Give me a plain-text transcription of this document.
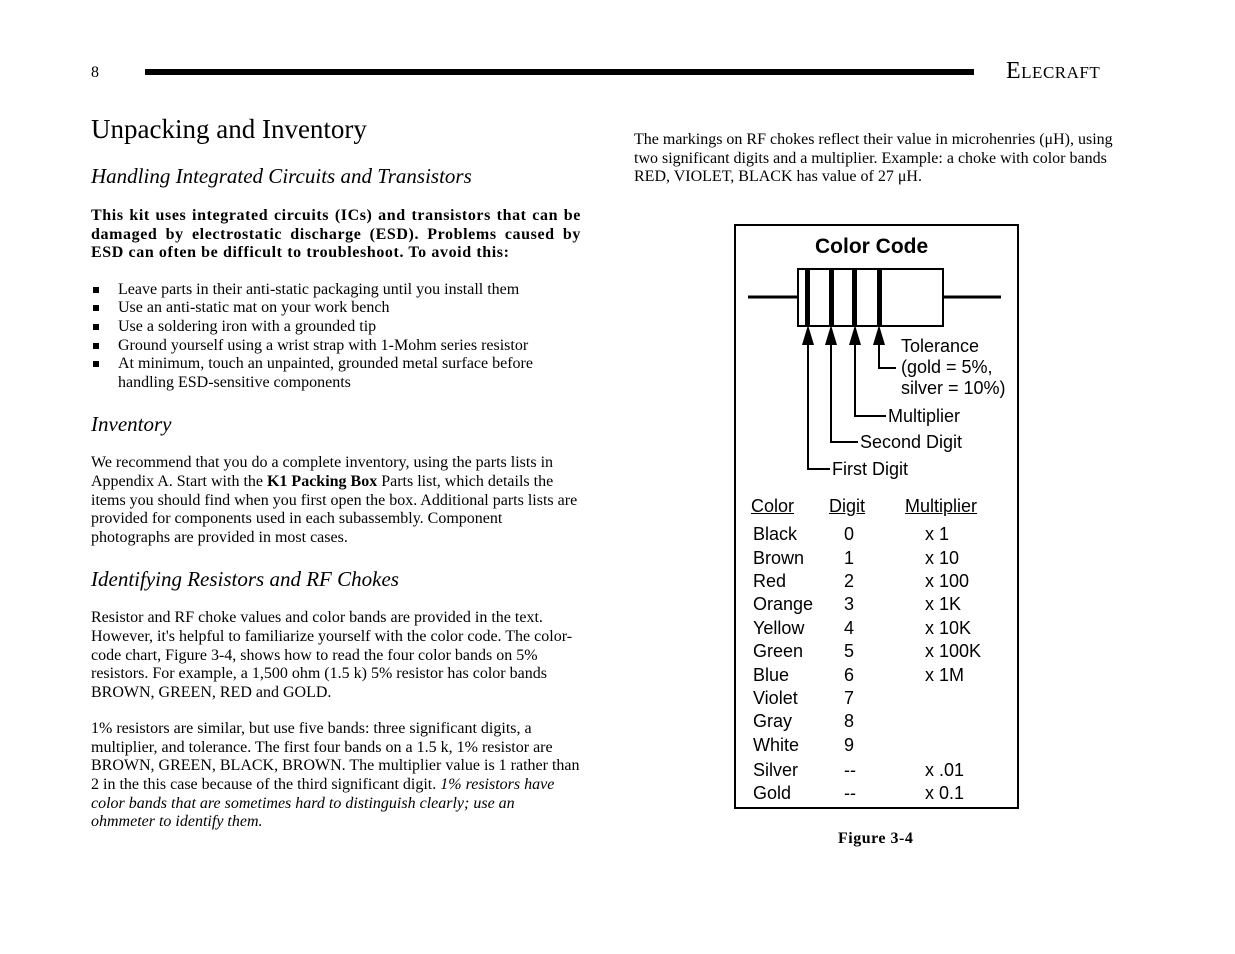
8	ELECRAFT
Unpacking and Inventory
Handling Integrated Circuits and Transistors

This kit uses integrated circuits (ICs) and transistors that can be damaged by electrostatic discharge (ESD). Problems caused by ESD can often be difficult to troubleshoot. To avoid this:

Leave parts in their anti-static packaging until you install them
Use an anti-static mat on your work bench
Use a soldering iron with a grounded tip
Ground yourself using a wrist strap with 1-Mohm series resistor
At minimum, touch an unpainted, grounded metal surface before handling ESD-sensitive components
Inventory

We recommend that you do a complete inventory, using the parts lists in Appendix A. Start with the K1 Packing Box Parts list, which details the items you should find when you first open the box. Additional parts lists are provided for components used in each subassembly. Component photographs are provided in most cases.

Identifying Resistors and RF Chokes

Resistor and RF choke values and color bands are provided in the text. However, it's helpful to familiarize yourself with the color code. The color-code chart, Figure 3-4, shows how to read the four color bands on 5% resistors. For example, a 1,500 ohm (1.5 k) 5% resistor has color bands BROWN, GREEN, RED and GOLD.

1% resistors are similar, but use five bands: three significant digits, a multiplier, and tolerance. The first four bands on a 1.5 k, 1% resistor are BROWN, GREEN, BLACK, BROWN. The multiplier value is 1 rather than 2 in the this case because of the third significant digit. 1% resistors have color bands that are sometimes hard to distinguish clearly; use an ohmmeter to identify them.

The markings on RF chokes reflect their value in microhenries (μH), using two significant digits and a multiplier. Example: a choke with color bands RED, VIOLET, BLACK has value of 27 μH.

Color Code
Tolerance
(gold = 5%,
silver = 10%)
Multiplier
Second Digit
First Digit
Color Digit Multiplier
Black	0	x 1
Brown 1	x 10
Red	2	x 100
Orange 3	x 1K
Yellow 4	x 10K
Green 5	x 100K
Blue	6	x 1M
Violet	7
Gray	8
White 9
Silver	--	x .01
Gold	--	x 0.1
Figure 3-4
